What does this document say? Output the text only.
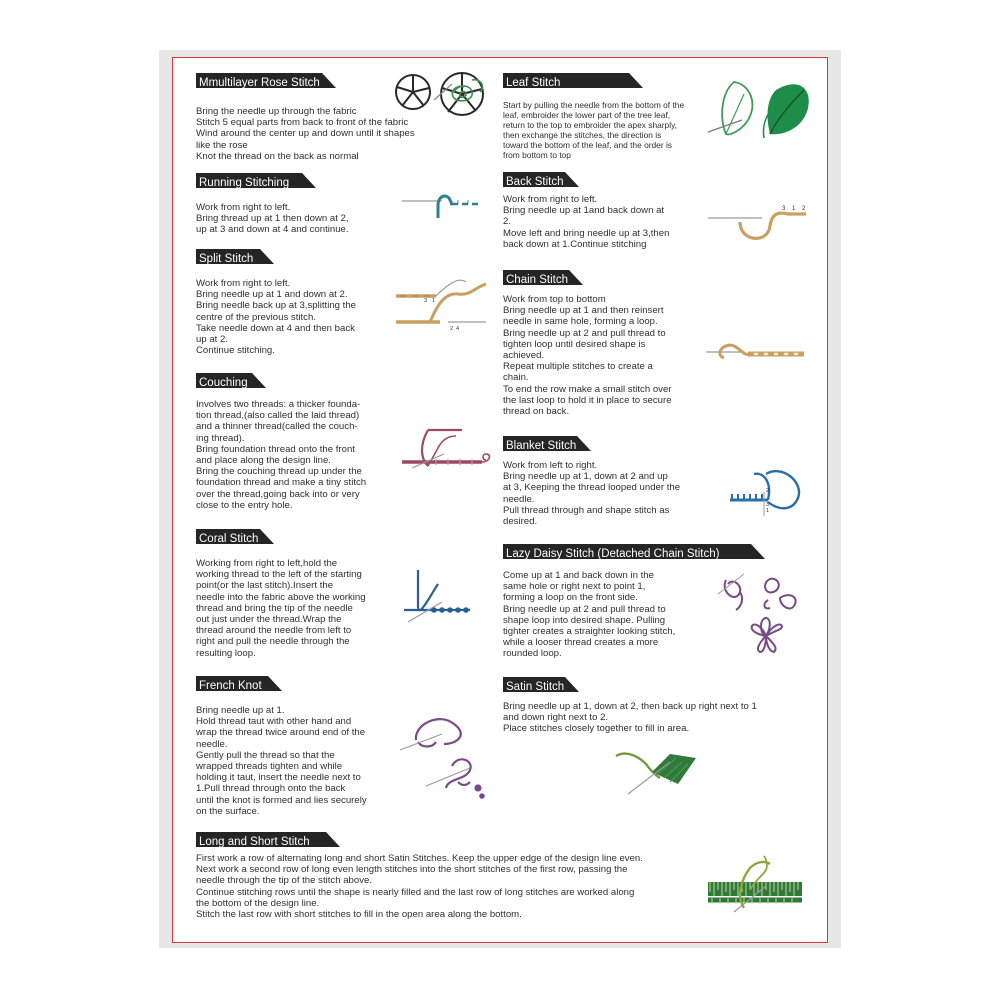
Mmultilayer Rose Stitch
Bring the needle up through the fabric
Stitch 5 equal parts from back to front of the fabric
Wind around the center up and down until it shapes
like the rose
Knot the thread on the back as normal
Running Stitching
Work from right to left.
Bring thread up at 1 then down at 2,
up at 3 and down at 4 and continue.
Split Stitch
Work from right to left.
Bring needle up at 1 and down at 2.
Bring needle back up at 3,splitting the
centre of the previous stitch.
Take needle down at 4 and then back
up at 2.
Continue stitching.
Couching
Involves two threads: a thicker founda-
tion thread,(also called the laid thread)
and a thinner thread(called the couch-
ing thread).
Bring foundation thread onto the front
and place along the design line.
Bring the couching thread up under the
foundation thread and make a tiny stitch
over the thread,going back into or very
close to the entry hole.
Coral Stitch
Working from right to left,hold the
working thread to the left of the starting
point(or the last stitch).Insert the
needle into the fabric above the working
thread and bring the tip of the needle
out just under the thread.Wrap the
thread around the needle from left to
right and pull the needle through the
resulting loop.
French Knot
Bring needle up at 1.
Hold thread taut with other hand and
wrap the thread twice around end of the
needle.
Gently pull the thread so that the
wrapped threads tighten and while
holding it taut, insert the needle next to
1.Pull thread through onto the back
until the knot is formed and lies securely
on the surface.
Long and Short Stitch
First work a row of alternating long and short Satin Stitches. Keep the upper edge of the design line even.
Next work a second row of long even length stitches into the short stitches of the first row, passing the
needle through the tip of the stitch above.
Continue stitching rows until the shape is nearly filled and the last row of long stitches are worked along
the bottom of the design line.
Stitch the last row with short stitches to fill in the open area along the bottom.
Leaf Stitch
Start by pulling the needle from the bottom of the
leaf, embroider the lower part of the tree leaf,
return to the top to embroider the apex sharply,
then exchange the stitches, the direction is
toward the bottom of the leaf, and the order is
from bottom to top
Back Stitch
Work from right to left.
Bring needle up at 1and back down at
2.
Move left and bring needle up at 3,then
back down at 1.Continue stitching
Chain Stitch
Work from top to bottom
Bring needle up at 1 and then reinsert
needle in same hole, forming a loop.
Bring needle up at 2 and pull thread to
tighten loop until desired shape is
achieved.
Repeat multiple stitches to create a
chain.
To end the row make a small stitch over
the last loop to hold it in place to secure
thread on back.
Blanket Stitch
Work from left to right.
Bring needle up at 1, down at 2 and up
at 3, Keeping the thread looped under the
needle.
Pull thread through and shape stitch as
desired.
Lazy Daisy Stitch (Detached Chain Stitch)
Come up at 1 and back down in the
same hole or right next to point 1,
forming a loop on the front side.
Bring needle up at 2 and pull thread to
shape loop into desired shape. Pulling
tighter creates a straighter looking stitch,
while a looser thread creates a more
rounded loop.
Satin Stitch
Bring needle up at 1, down at 2, then back up right next to 1
and down right next to 2.
Place stitches closely together to fill in area.
3 1 2
3 1
2 4
2
3
1
